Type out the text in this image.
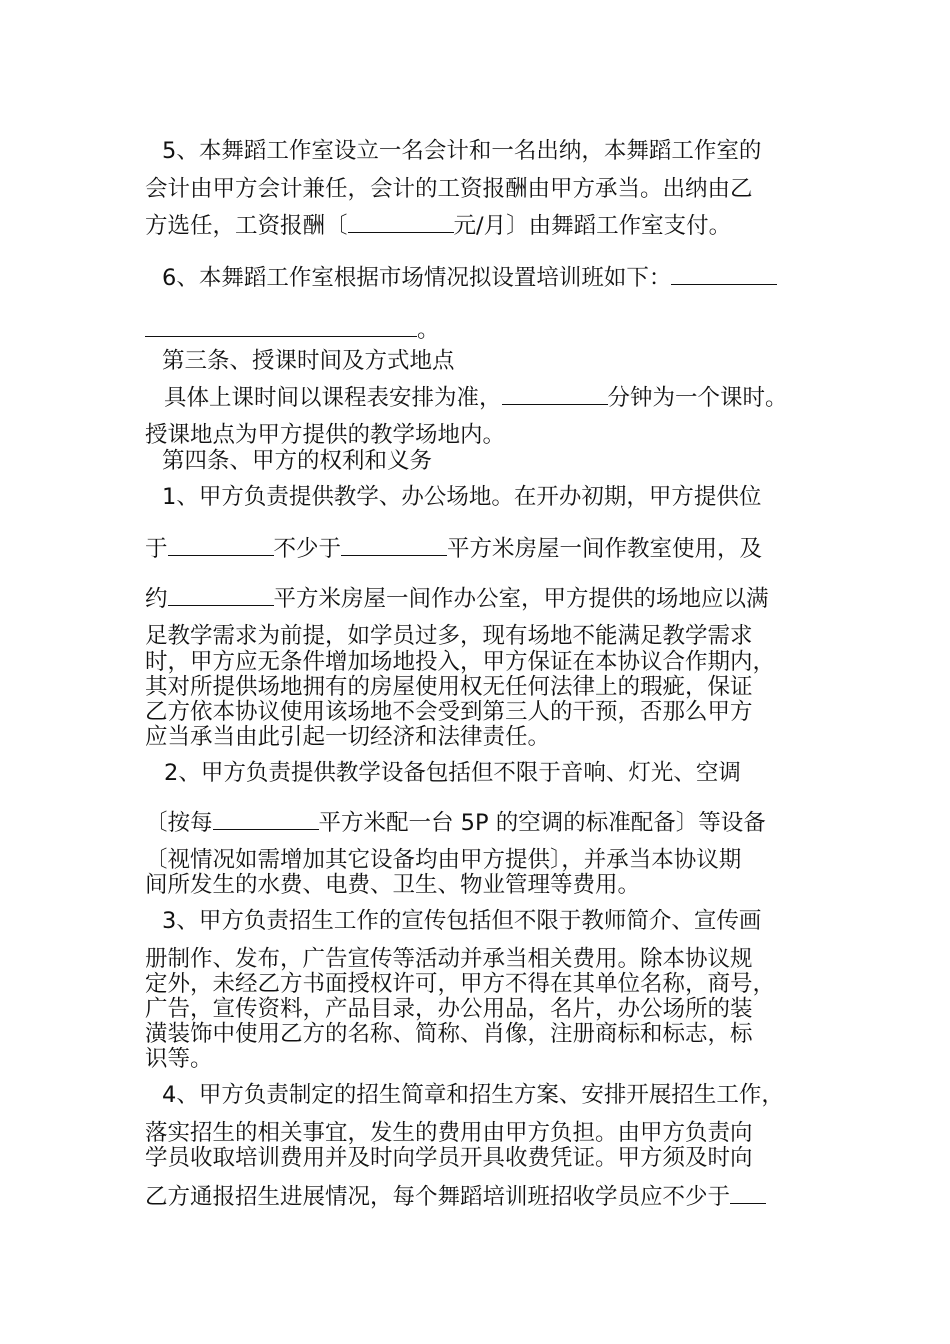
5、本舞蹈工作室设立一名会计和一名出纳，本舞蹈工作室的
会计由甲方会计兼任，会计的工资报酬由甲方承当。出纳由乙
方选任，工资报酬〔	元/月〕由舞蹈工作室支付。
6、本舞蹈工作室根据市场情况拟设置培训班如下：
。
第三条、授课时间及方式地点
具体上课时间以课程表安排为准，	分钟为一个课时。
授课地点为甲方提供的教学场地内。
第四条、甲方的权利和义务
1、甲方负责提供教学、办公场地。在开办初期，甲方提供位
于	不少于	平方米房屋一间作教室使用，及
约	平方米房屋一间作办公室，甲方提供的场地应以满
足教学需求为前提，如学员过多，现有场地不能满足教学需求
时，甲方应无条件增加场地投入，甲方保证在本协议合作期内，
其对所提供场地拥有的房屋使用权无任何法律上的瑕疵，保证
乙方依本协议使用该场地不会受到第三人的干预，否那么甲方
应当承当由此引起一切经济和法律责任。
2、甲方负责提供教学设备包括但不限于音响、灯光、空调
〔按每	平方米配一台 5P 的空调的标准配备〕等设备
〔视情况如需增加其它设备均由甲方提供〕，并承当本协议期
间所发生的水费、电费、卫生、物业管理等费用。
3、甲方负责招生工作的宣传包括但不限于教师简介、宣传画
册制作、发布，广告宣传等活动并承当相关费用。除本协议规
定外，未经乙方书面授权许可，甲方不得在其单位名称，商号，
广告，宣传资料，产品目录，办公用品，名片，办公场所的装
潢装饰中使用乙方的名称、简称、肖像，注册商标和标志，标
识等。
4、甲方负责制定的招生简章和招生方案、安排开展招生工作，
落实招生的相关事宜，发生的费用由甲方负担。由甲方负责向
学员收取培训费用并及时向学员开具收费凭证。甲方须及时向
乙方通报招生进展情况，每个舞蹈培训班招收学员应不少于
